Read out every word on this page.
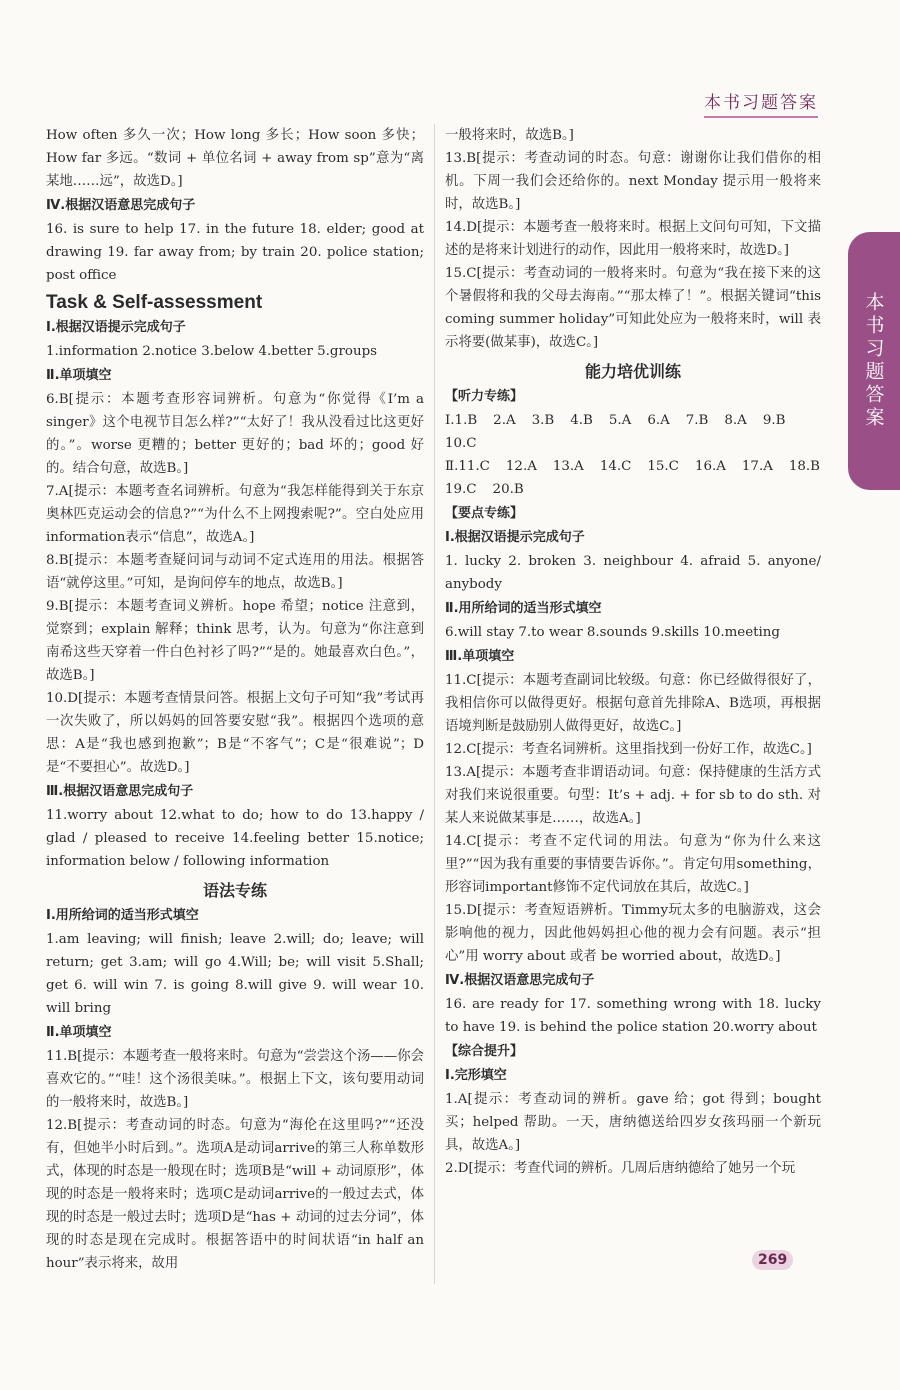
本书习题答案
本书习题答案

How often 多久一次；How long 多长；How soon 多快；How far 多远。“数词 + 单位名词 + away from sp”意为“离某地……远”，故选D。]

Ⅳ.根据汉语意思完成句子

16. is sure to help 17. in the future 18. elder; good at drawing 19. far away from; by train 20. police station; post office

Task & Self-assessment

Ⅰ.根据汉语提示完成句子

1.information 2.notice 3.below 4.better 5.groups

Ⅱ.单项填空

6.B[提示：本题考查形容词辨析。句意为“你觉得《I’m a singer》这个电视节目怎么样?”“太好了！我从没看过比这更好的。”。worse 更糟的；better 更好的；bad 坏的；good 好的。结合句意，故选B。]

7.A[提示：本题考查名词辨析。句意为“我怎样能得到关于东京奥林匹克运动会的信息?”“为什么不上网搜索呢?”。空白处应用information表示“信息”，故选A。]

8.B[提示：本题考查疑问词与动词不定式连用的用法。根据答语“就停这里。”可知，是询问停车的地点，故选B。]

9.B[提示：本题考查词义辨析。hope 希望；notice 注意到，觉察到；explain 解释；think 思考，认为。句意为“你注意到南希这些天穿着一件白色衬衫了吗?”“是的。她最喜欢白色。”，故选B。]

10.D[提示：本题考查情景问答。根据上文句子可知“我”考试再一次失败了，所以妈妈的回答要安慰“我”。根据四个选项的意思：A是“我也感到抱歉”；B是“不客气”；C是“很难说”；D是“不要担心”。故选D。]

Ⅲ.根据汉语意思完成句子

11.worry about 12.what to do; how to do 13.happy / glad / pleased to receive 14.feeling better 15.notice; information below / following information

语法专练

Ⅰ.用所给词的适当形式填空

1.am leaving; will finish; leave 2.will; do; leave; will return; get 3.am; will go 4.Will; be; will visit 5.Shall; get 6. will win 7. is going 8.will give 9. will wear 10. will bring

Ⅱ.单项填空

11.B[提示：本题考查一般将来时。句意为“尝尝这个汤——你会喜欢它的。”“哇！这个汤很美味。”。根据上下文，该句要用动词的一般将来时，故选B。]

12.B[提示：考查动词的时态。句意为“海伦在这里吗?”“还没有，但她半小时后到。”。选项A是动词arrive的第三人称单数形式，体现的时态是一般现在时；选项B是“will + 动词原形”，体现的时态是一般将来时；选项C是动词arrive的一般过去式，体现的时态是一般过去时；选项D是“has + 动词的过去分词”，体现的时态是现在完成时。根据答语中的时间状语“in half an hour”表示将来，故用

一般将来时，故选B。]

13.B[提示：考查动词的时态。句意：谢谢你让我们借你的相机。下周一我们会还给你的。next Monday 提示用一般将来时，故选B。]

14.D[提示：本题考查一般将来时。根据上文问句可知，下文描述的是将来计划进行的动作，因此用一般将来时，故选D。]

15.C[提示：考查动词的一般将来时。句意为“我在接下来的这个暑假将和我的父母去海南。”“那太棒了！”。根据关键词“this coming summer holiday”可知此处应为一般将来时，will 表示将要(做某事)，故选C。]

能力培优训练

【听力专练】

Ⅰ.1.B 2.A 3.B 4.B 5.A 6.A 7.B 8.A 9.B
10.C
Ⅱ.11.C 12.A 13.A 14.C 15.C 16.A 17.A 18.B
19.C 20.B

【要点专练】

Ⅰ.根据汉语提示完成句子

1. lucky 2. broken 3. neighbour 4. afraid 5. anyone/ anybody

Ⅱ.用所给词的适当形式填空

6.will stay 7.to wear 8.sounds 9.skills 10.meeting

Ⅲ.单项填空

11.C[提示：本题考查副词比较级。句意：你已经做得很好了，我相信你可以做得更好。根据句意首先排除A、B选项，再根据语境判断是鼓励别人做得更好，故选C。]

12.C[提示：考查名词辨析。这里指找到一份好工作，故选C。]

13.A[提示：本题考查非谓语动词。句意：保持健康的生活方式对我们来说很重要。句型：It’s + adj. + for sb to do sth. 对某人来说做某事是……，故选A。]

14.C[提示：考查不定代词的用法。句意为“你为什么来这里?”“因为我有重要的事情要告诉你。”。肯定句用something，形容词important修饰不定代词放在其后，故选C。]

15.D[提示：考查短语辨析。Timmy玩太多的电脑游戏，这会影响他的视力，因此他妈妈担心他的视力会有问题。表示“担心”用 worry about 或者 be worried about，故选D。]

Ⅳ.根据汉语意思完成句子

16. are ready for 17. something wrong with 18. lucky to have 19. is behind the police station 20.worry about

【综合提升】

Ⅰ.完形填空

1.A[提示：考查动词的辨析。gave 给；got 得到；bought 买；helped 帮助。一天，唐纳德送给四岁女孩玛丽一个新玩具，故选A。]

2.D[提示：考查代词的辨析。几周后唐纳德给了她另一个玩

269
